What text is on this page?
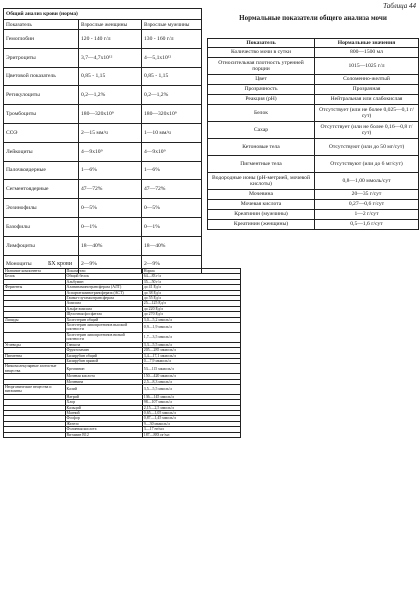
Таблица 44
Общий анализ крови (норма)		
Показатель	Взрослые женщины	Взрослые мужчины
Гемоглобин	120 - 140 г/л	130 - 160 г/л
Эритроциты	3,7—4,7х10¹²	4—5,1х10¹²
Цветовой показатель	0,85 - 1,15	0,85 - 1,15
Ретикулоциты	0,2—1,2%	0,2—1,2%
Тромбоциты	180—320х10⁹	180—320х10⁹
СОЭ	2—15 мм/ч	1—10 мм/ч
Лейкоциты	4—9х10⁹	4—9х10⁹
Палочкоядерные	1—6%	1—6%
Сегментоядерные	47—72%	47—72%
Эозинофилы	0—5%	0—5%
Базофилы	0—1%	0—1%
Лимфоциты	18—40%	18—40%
Моноциты	2—9%	2—9%
Нормальные показатели общего анализа мочи
Показатель	Нормальные значения
Количество мочи в сутки	800—1500 мл
Относительная плотность утренней порции	1015—1025 г/л
Цвет	Соломенно-желтый
Прозрачность	Прозрачная
Реакция (pH)	Нейтральная или слабокислая
Белок	Отсутствует (или не более 0,025—0,1 г/сут)
Сахар	Отсутствует (или не более 0,16—0,8 г/сут)
Кетоновые тела	Отсутствуют (или до 50 мг/сут)
Пигментные тела	Отсутствуют (или до 6 мг/сут)
Водородные ионы (рН-метрией, мочевой кислоты)	0,8—1,00 ммоль/сут
Мочевина	20—35 г/сут
Мочевая кислота	0,27—0,6 г/сут
Креатинин (мужчины)	1—2 г/сут
Креатинин (женщины)	0,5—1,6 г/сут
БХ крови
Название компонента	Показатели	Норма
Белок	Общий белок	64—83 г/л
	Альбумин	35—50 г/л
Ферменты	Аланинаминотрансфераза (АЛТ)	до 41 Ед/л
	Аспартатаминотрансфераза (АСТ)	до 38 Ед/л
	Гамма-глутамилтрансфераза	до 55 Ед/л
	Амилаза	25—125 Ед/л
	Альфа-амилаза	до 220 Ед/л
	Щелочная фосфатаза	до 270 Ед/л
Липиды	Холестерин общий	3,0—5,2 ммоль/л
	Холестерин липопротеинов высокой плотности	0,9—1,9 ммоль/л
	Холестерин липопротеинов низкой плотности	1,7—3,5 ммоль/л
Углеводы	Глюкоза	3,3—5,5 ммоль/л
	Фруктозамин	205—285 мкмоль/л
Пигменты	Билирубин общий	3,4—17,1 мкмоль/л
	Билирубин прямой	0—7,9 мкмоль/л
Низкомолекулярные азотистые вещества	Креатинин	53—115 мкмоль/л
	Мочевая кислота	150—420 мкмоль/л
	Мочевина	2,5—8,3 ммоль/л
Неорганические вещества и витамины	Калий	3,5—5,5 ммоль/л
	Натрий	136—145 ммоль/л
	Хлор	98—107 ммоль/л
	Кальций	2,15—2,5 ммоль/л
	Магний	0,65—1,05 ммоль/л
	Фосфор	0,87—1,45 ммоль/л
	Железо	9—30 мкмоль/л
	Фолиевая кислота	3—17 нг/мл
	Витамин B12	187—883 пг/мл
